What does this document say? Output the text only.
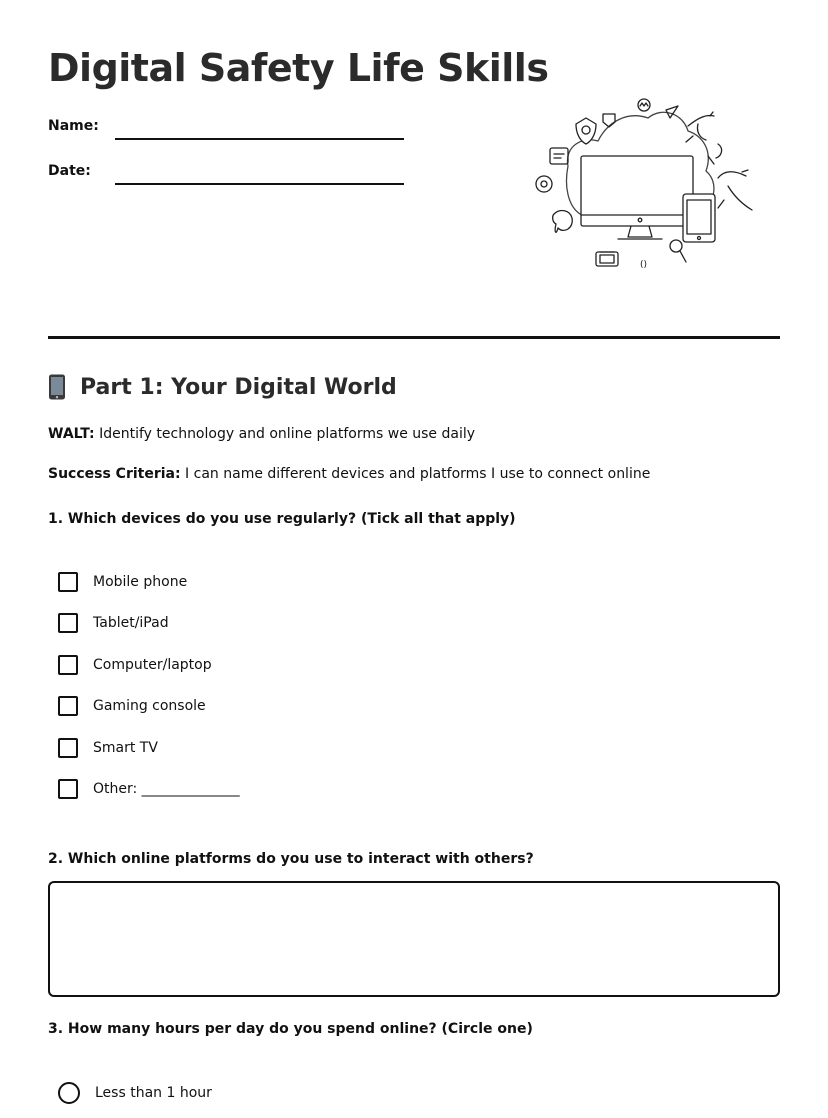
Digital Safety Life Skills
Name:
Date:
()
Part 1: Your Digital World
WALT: Identify technology and online platforms we use daily
Success Criteria: I can name different devices and platforms I use to connect online
1. Which devices do you use regularly? (Tick all that apply)
Mobile phone
Tablet/iPad
Computer/laptop
Gaming console
Smart TV
Other: ______________
2. Which online platforms do you use to interact with others?
3. How many hours per day do you spend online? (Circle one)
Less than 1 hour
